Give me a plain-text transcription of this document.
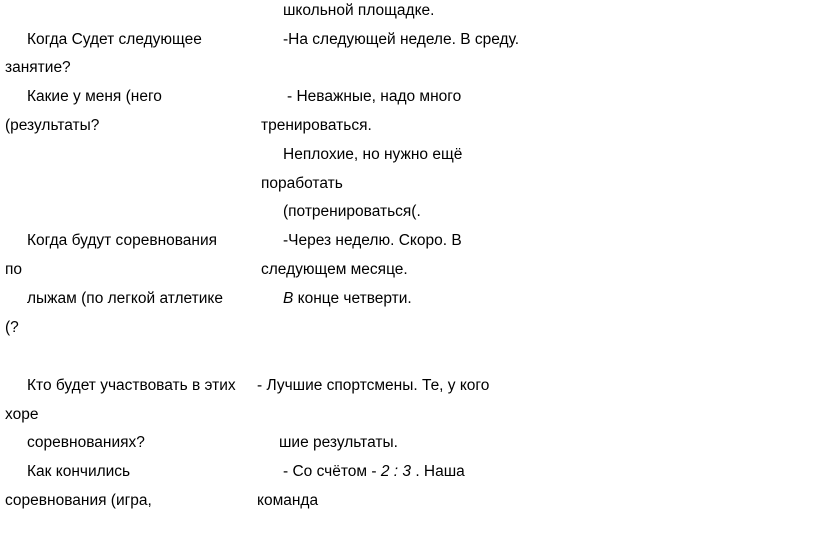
школьной площадке.
Когда Судет следующее	-На следующей неделе. В среду.
занятие?
Какие у меня (него	- Неважные, надо много
(результаты?	тренироваться.
Неплохие, но нужно ещё
поработать
(потренироваться(.
Когда будут соревнования	-Через неделю. Скоро. В
по	следующем месяце.
лыжам (по легкой атлетике	В конце четверти.
(?
Кто будет участвовать в этих - Лучшие спортсмены. Те, у кого
хоре
соревнованиях?	шие результаты.
Как кончились	- Со счётом - 2 : 3 . Наша
соревнования (игра,	команда
